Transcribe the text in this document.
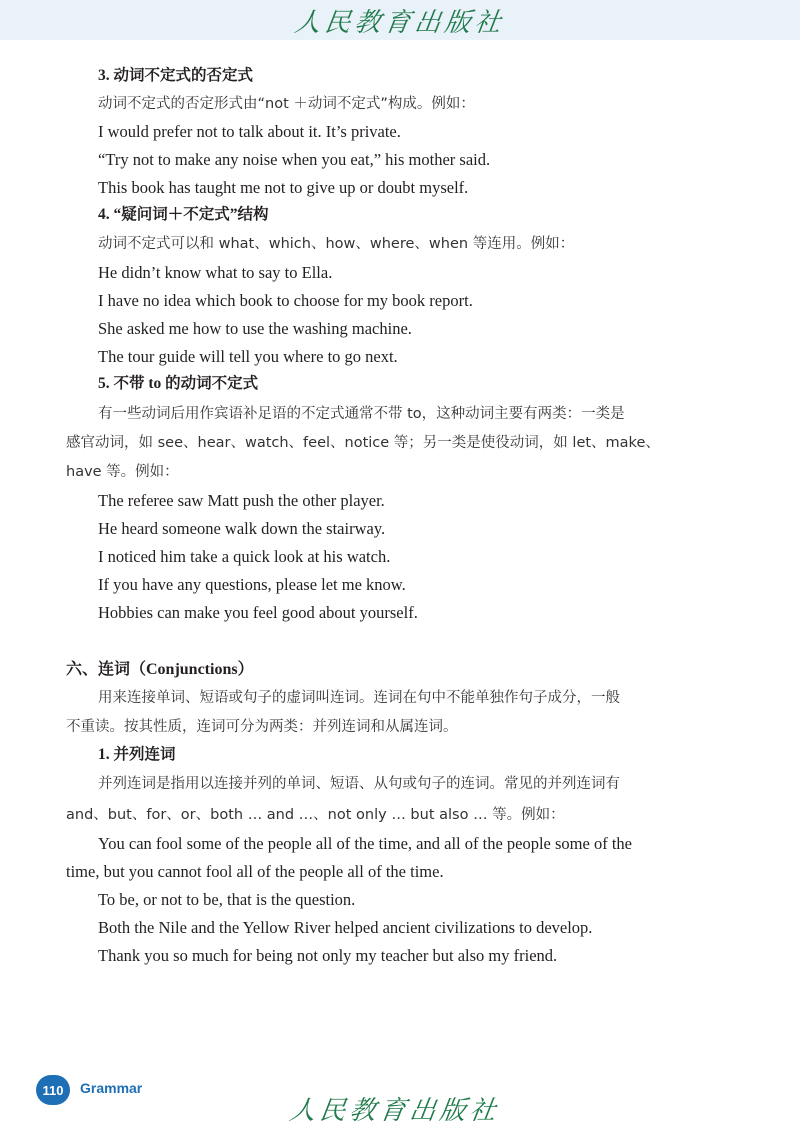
人民教育出版社
3. 动词不定式的否定式
动词不定式的否定形式由“not ＋动词不定式”构成。例如：
I would prefer not to talk about it. It’s private.
“Try not to make any noise when you eat,” his mother said.
This book has taught me not to give up or doubt myself.
4. “疑问词＋不定式”结构
动词不定式可以和 what、which、how、where、when 等连用。例如：
He didn’t know what to say to Ella.
I have no idea which book to choose for my book report.
She asked me how to use the washing machine.
The tour guide will tell you where to go next.
5. 不带 to 的动词不定式
有一些动词后用作宾语补足语的不定式通常不带 to，这种动词主要有两类：一类是
感官动词，如 see、hear、watch、feel、notice 等；另一类是使役动词，如 let、make、
have 等。例如：
The referee saw Matt push the other player.
He heard someone walk down the stairway.
I noticed him take a quick look at his watch.
If you have any questions, please let me know.
Hobbies can make you feel good about yourself.
六、连词（Conjunctions）
用来连接单词、短语或句子的虚词叫连词。连词在句中不能单独作句子成分，一般
不重读。按其性质，连词可分为两类：并列连词和从属连词。
1. 并列连词
并列连词是指用以连接并列的单词、短语、从句或句子的连词。常见的并列连词有
and、but、for、or、both … and …、not only … but also … 等。例如：
You can fool some of the people all of the time, and all of the people some of the
time, but you cannot fool all of the people all of the time.
To be, or not to be, that is the question.
Both the Nile and the Yellow River helped ancient civilizations to develop.
Thank you so much for being not only my teacher but also my friend.
110	Grammar
人民教育出版社
